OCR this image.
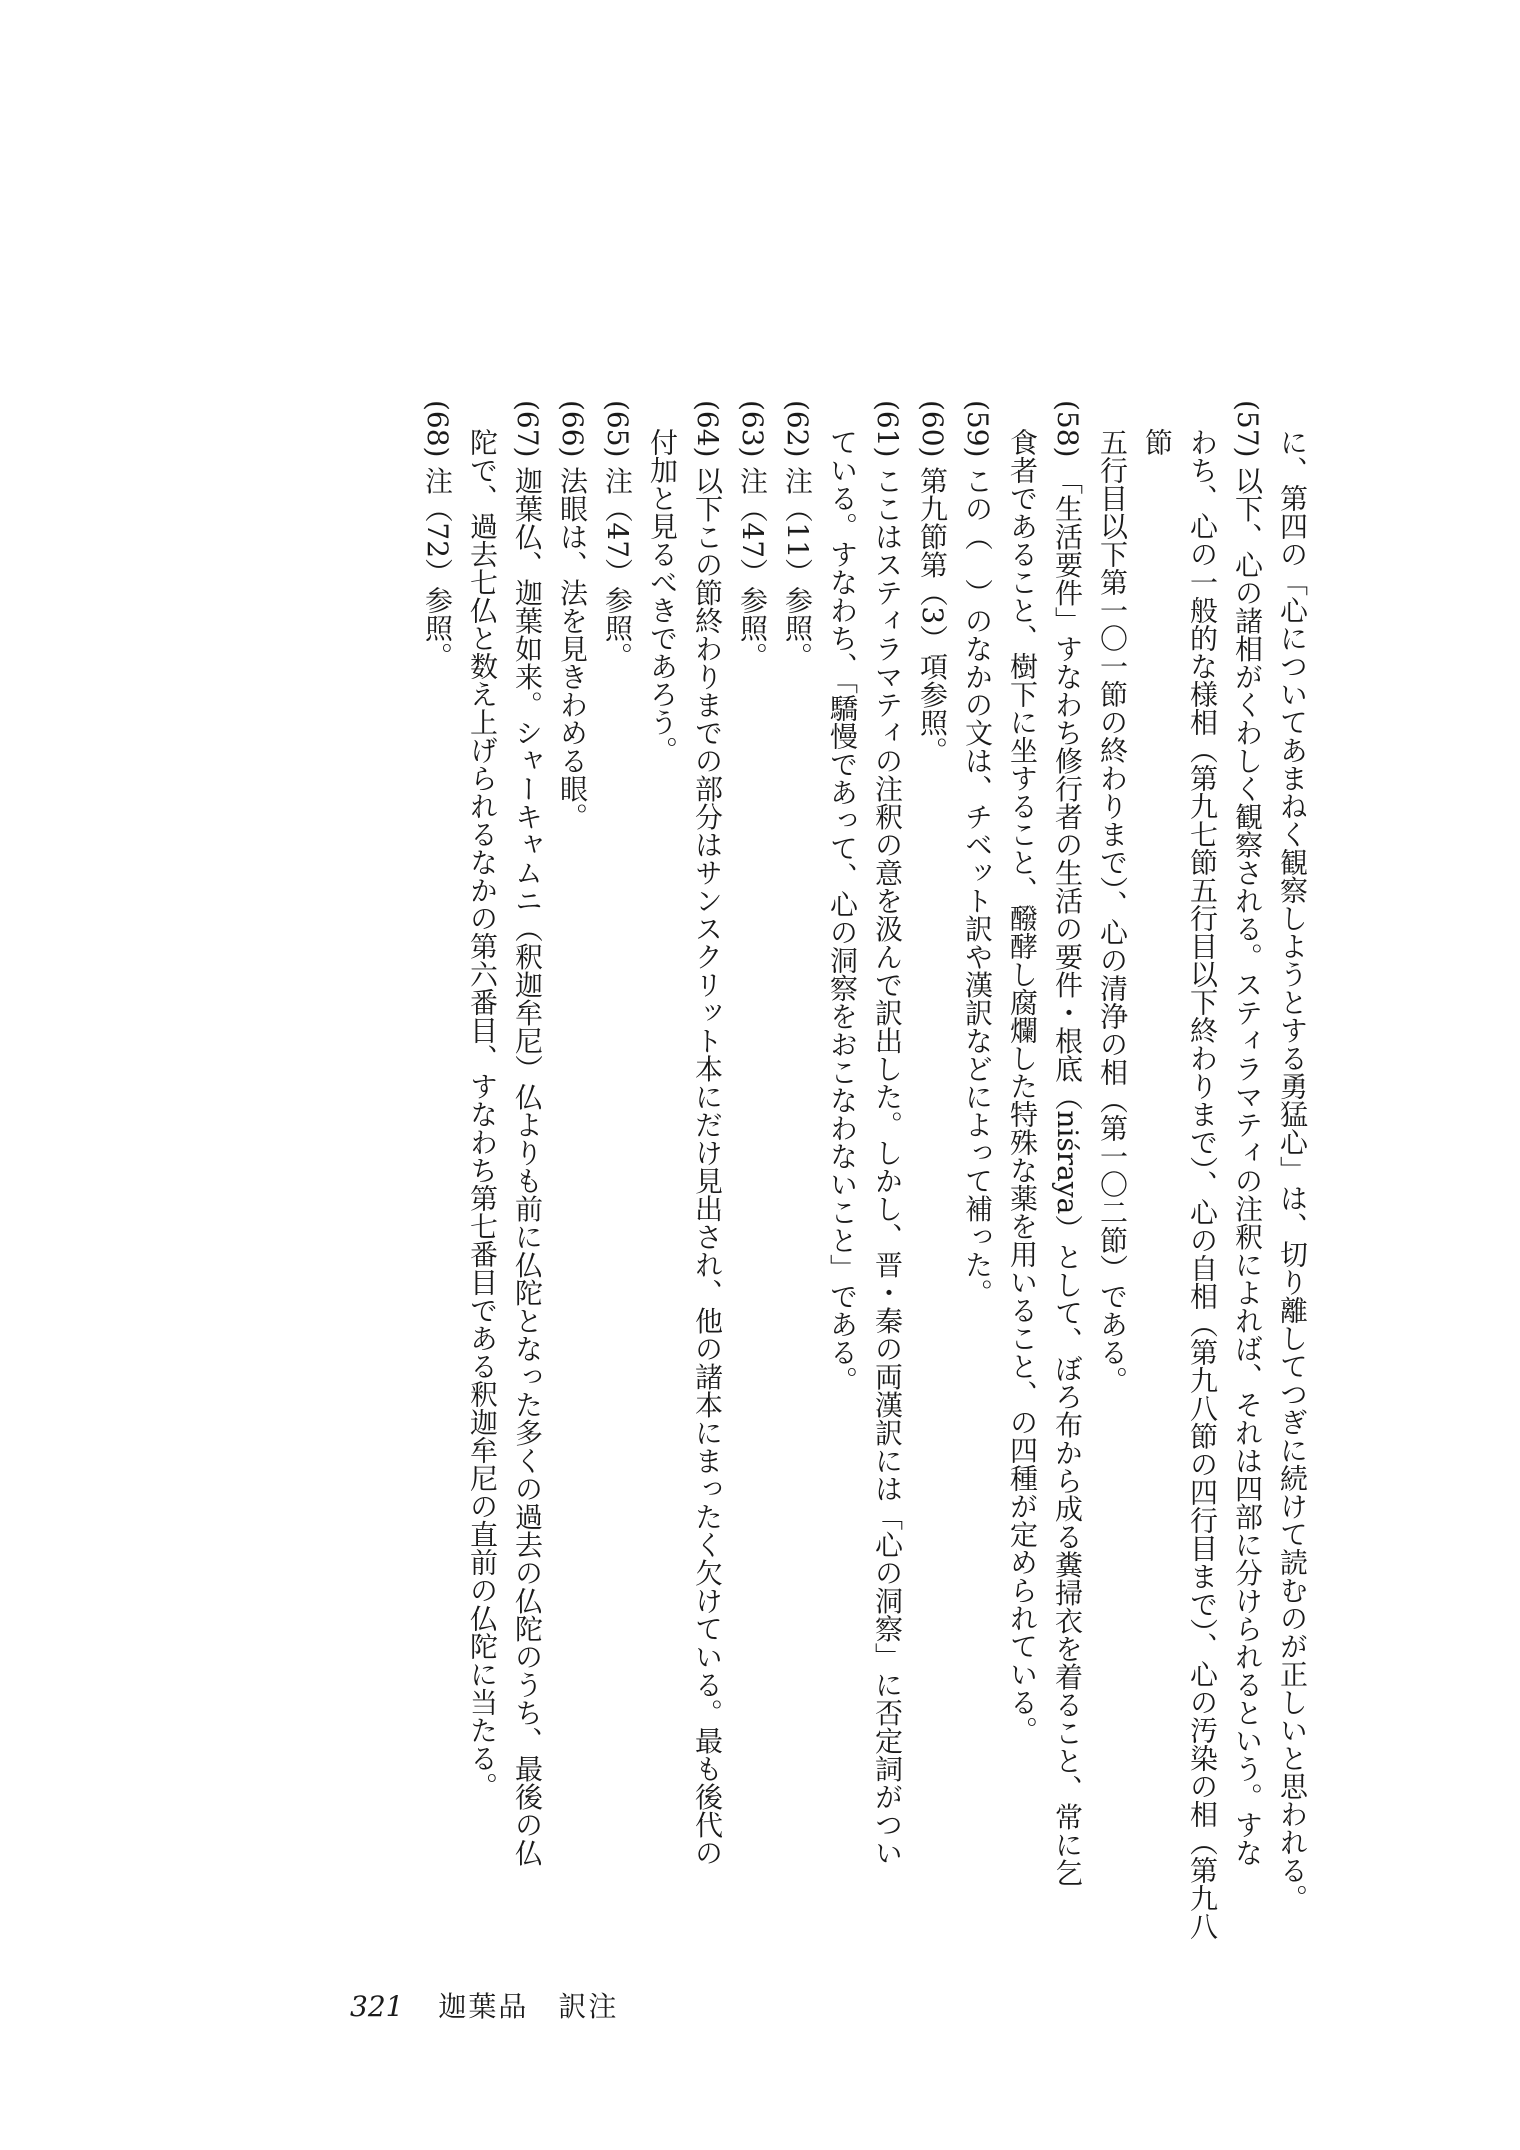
に、第四の「心についてあまねく観察しようとする勇猛心」は、切り離してつぎに続けて読むのが正しいと思われる。

(57) 以下、心の諸相がくわしく観察される。スティラマティの注釈によれば、それは四部に分けられるという。すな

わち、心の一般的な様相（第九七節五行目以下終わりまで）、心の自相（第九八節の四行目まで）、心の汚染の相（第九八節

五行目以下第一〇一節の終わりまで）、心の清浄の相（第一〇二節）である。

(58) 「生活要件」すなわち修行者の生活の要件・根底（niśraya）として、ぼろ布から成る糞掃衣を着ること、常に乞

食者であること、樹下に坐すること、醱酵し腐爛した特殊な薬を用いること、の四種が定められている。

(59) この（　）のなかの文は、チベット訳や漢訳などによって補った。

(60) 第九節第（3）項参照。

(61) ここはスティラマティの注釈の意を汲んで訳出した。しかし、晋・秦の両漢訳には「心の洞察」に否定詞がつい

ている。すなわち、「驕慢であって、心の洞察をおこなわないこと」である。

(62) 注（11）参照。

(63) 注（47）参照。

(64) 以下この節終わりまでの部分はサンスクリット本にだけ見出され、他の諸本にまったく欠けている。最も後代の

付加と見るべきであろう。

(65) 注（47）参照。

(66) 法眼は、法を見きわめる眼。

(67) 迦葉仏、迦葉如来。シャーキャムニ（釈迦牟尼）仏よりも前に仏陀となった多くの過去の仏陀のうち、最後の仏

陀で、過去七仏と数え上げられるなかの第六番目、すなわち第七番目である釈迦牟尼の直前の仏陀に当たる。

(68) 注（72）参照。

321 迦葉品　訳注
